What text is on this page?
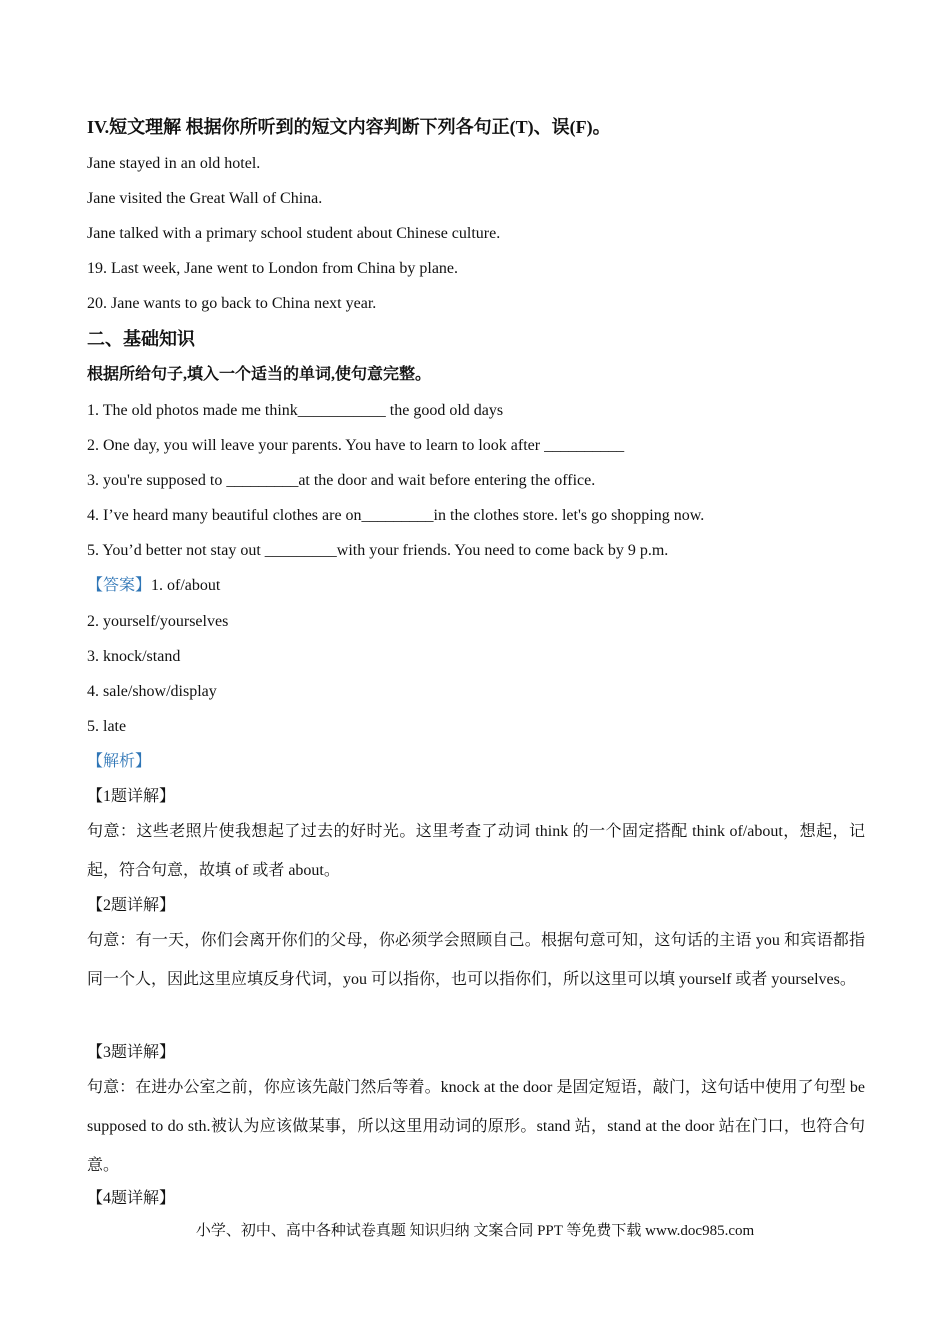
IV.短文理解 根据你所听到的短文内容判断下列各句正(T)、误(F)。
Jane stayed in an old hotel.
Jane visited the Great Wall of China.
Jane talked with a primary school student about Chinese culture.
19. Last week, Jane went to London from China by plane.
20. Jane wants to go back to China next year.
二、基础知识
根据所给句子,填入一个适当的单词,使句意完整。
1. The old photos made me think___________ the good old days
2. One day, you will leave your parents. You have to learn to look after __________
3. you're supposed to _________at the door and wait before entering the office.
4. I’ve heard many beautiful clothes are on_________in the clothes store. let's go shopping now.
5. You’d better not stay out _________with your friends. You need to come back by 9 p.m.
【答案】1. of/about
2. yourself/yourselves
3. knock/stand
4. sale/show/display
5. late
【解析】
【1题详解】
句意：这些老照片使我想起了过去的好时光。这里考查了动词 think 的一个固定搭配 think of/about，想起，记起，符合句意，故填 of 或者 about。
【2题详解】
句意：有一天，你们会离开你们的父母，你必须学会照顾自己。根据句意可知，这句话的主语 you 和宾语都指同一个人，因此这里应填反身代词，you 可以指你，也可以指你们，所以这里可以填 yourself 或者 yourselves。
【3题详解】
句意：在进办公室之前，你应该先敲门然后等着。knock at the door 是固定短语，敲门，这句话中使用了句型 be supposed to do sth.被认为应该做某事，所以这里用动词的原形。stand 站，stand at the door 站在门口，也符合句意。
【4题详解】
小学、初中、高中各种试卷真题 知识归纳 文案合同 PPT 等免费下载 www.doc985.com
